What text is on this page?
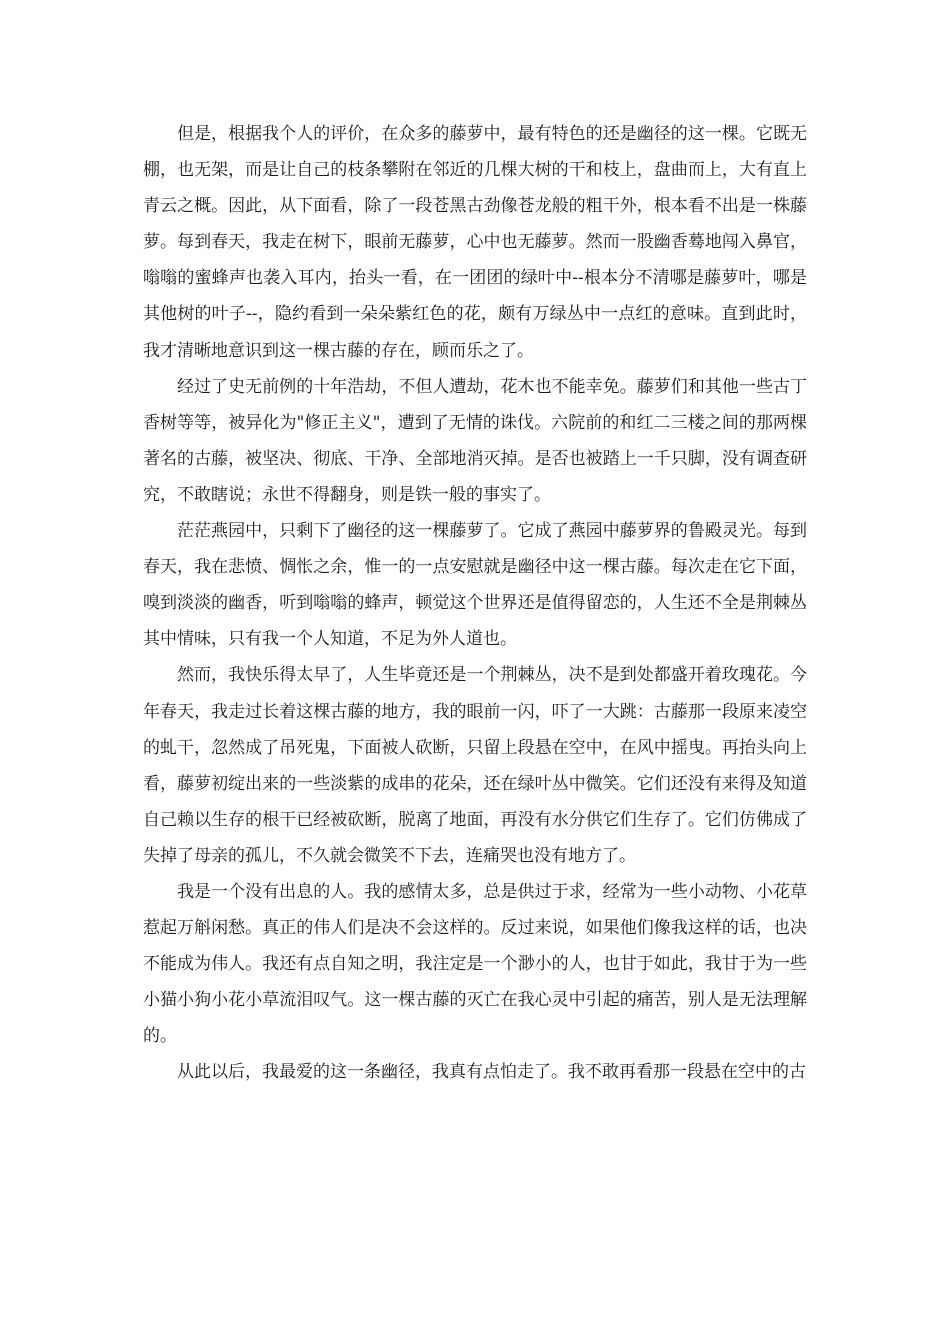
但是，根据我个人的评价，在众多的藤萝中，最有特色的还是幽径的这一棵。它既无棚，也无架，而是让自己的枝条攀附在邻近的几棵大树的干和枝上，盘曲而上，大有直上青云之概。因此，从下面看，除了一段苍黑古劲像苍龙般的粗干外，根本看不出是一株藤萝。每到春天，我走在树下，眼前无藤萝，心中也无藤萝。然而一股幽香蓦地闯入鼻官，嗡嗡的蜜蜂声也袭入耳内，抬头一看，在一团团的绿叶中--根本分不清哪是藤萝叶，哪是其他树的叶子--，隐约看到一朵朵紫红色的花，颇有万绿丛中一点红的意味。直到此时，我才清晰地意识到这一棵古藤的存在，顾而乐之了。

经过了史无前例的十年浩劫，不但人遭劫，花木也不能幸免。藤萝们和其他一些古丁香树等等，被异化为"修正主义"，遭到了无情的诛伐。六院前的和红二三楼之间的那两棵著名的古藤，被坚决、彻底、干净、全部地消灭掉。是否也被踏上一千只脚，没有调查研究，不敢瞎说；永世不得翻身，则是铁一般的事实了。

茫茫燕园中，只剩下了幽径的这一棵藤萝了。它成了燕园中藤萝界的鲁殿灵光。每到春天，我在悲愤、惆怅之余，惟一的一点安慰就是幽径中这一棵古藤。每次走在它下面，嗅到淡淡的幽香，听到嗡嗡的蜂声，顿觉这个世界还是值得留恋的，人生还不全是荆棘丛其中情味，只有我一个人知道，不足为外人道也。

然而，我快乐得太早了，人生毕竟还是一个荆棘丛，决不是到处都盛开着玫瑰花。今年春天，我走过长着这棵古藤的地方，我的眼前一闪，吓了一大跳：古藤那一段原来凌空的虬干，忽然成了吊死鬼，下面被人砍断，只留上段悬在空中，在风中摇曳。再抬头向上看，藤萝初绽出来的一些淡紫的成串的花朵，还在绿叶丛中微笑。它们还没有来得及知道自己赖以生存的根干已经被砍断，脱离了地面，再没有水分供它们生存了。它们仿佛成了失掉了母亲的孤儿，不久就会微笑不下去，连痛哭也没有地方了。

我是一个没有出息的人。我的感情太多，总是供过于求，经常为一些小动物、小花草惹起万斛闲愁。真正的伟人们是决不会这样的。反过来说，如果他们像我这样的话，也决不能成为伟人。我还有点自知之明，我注定是一个渺小的人，也甘于如此，我甘于为一些小猫小狗小花小草流泪叹气。这一棵古藤的灭亡在我心灵中引起的痛苦，别人是无法理解的。

从此以后，我最爱的这一条幽径，我真有点怕走了。我不敢再看那一段悬在空中的古
